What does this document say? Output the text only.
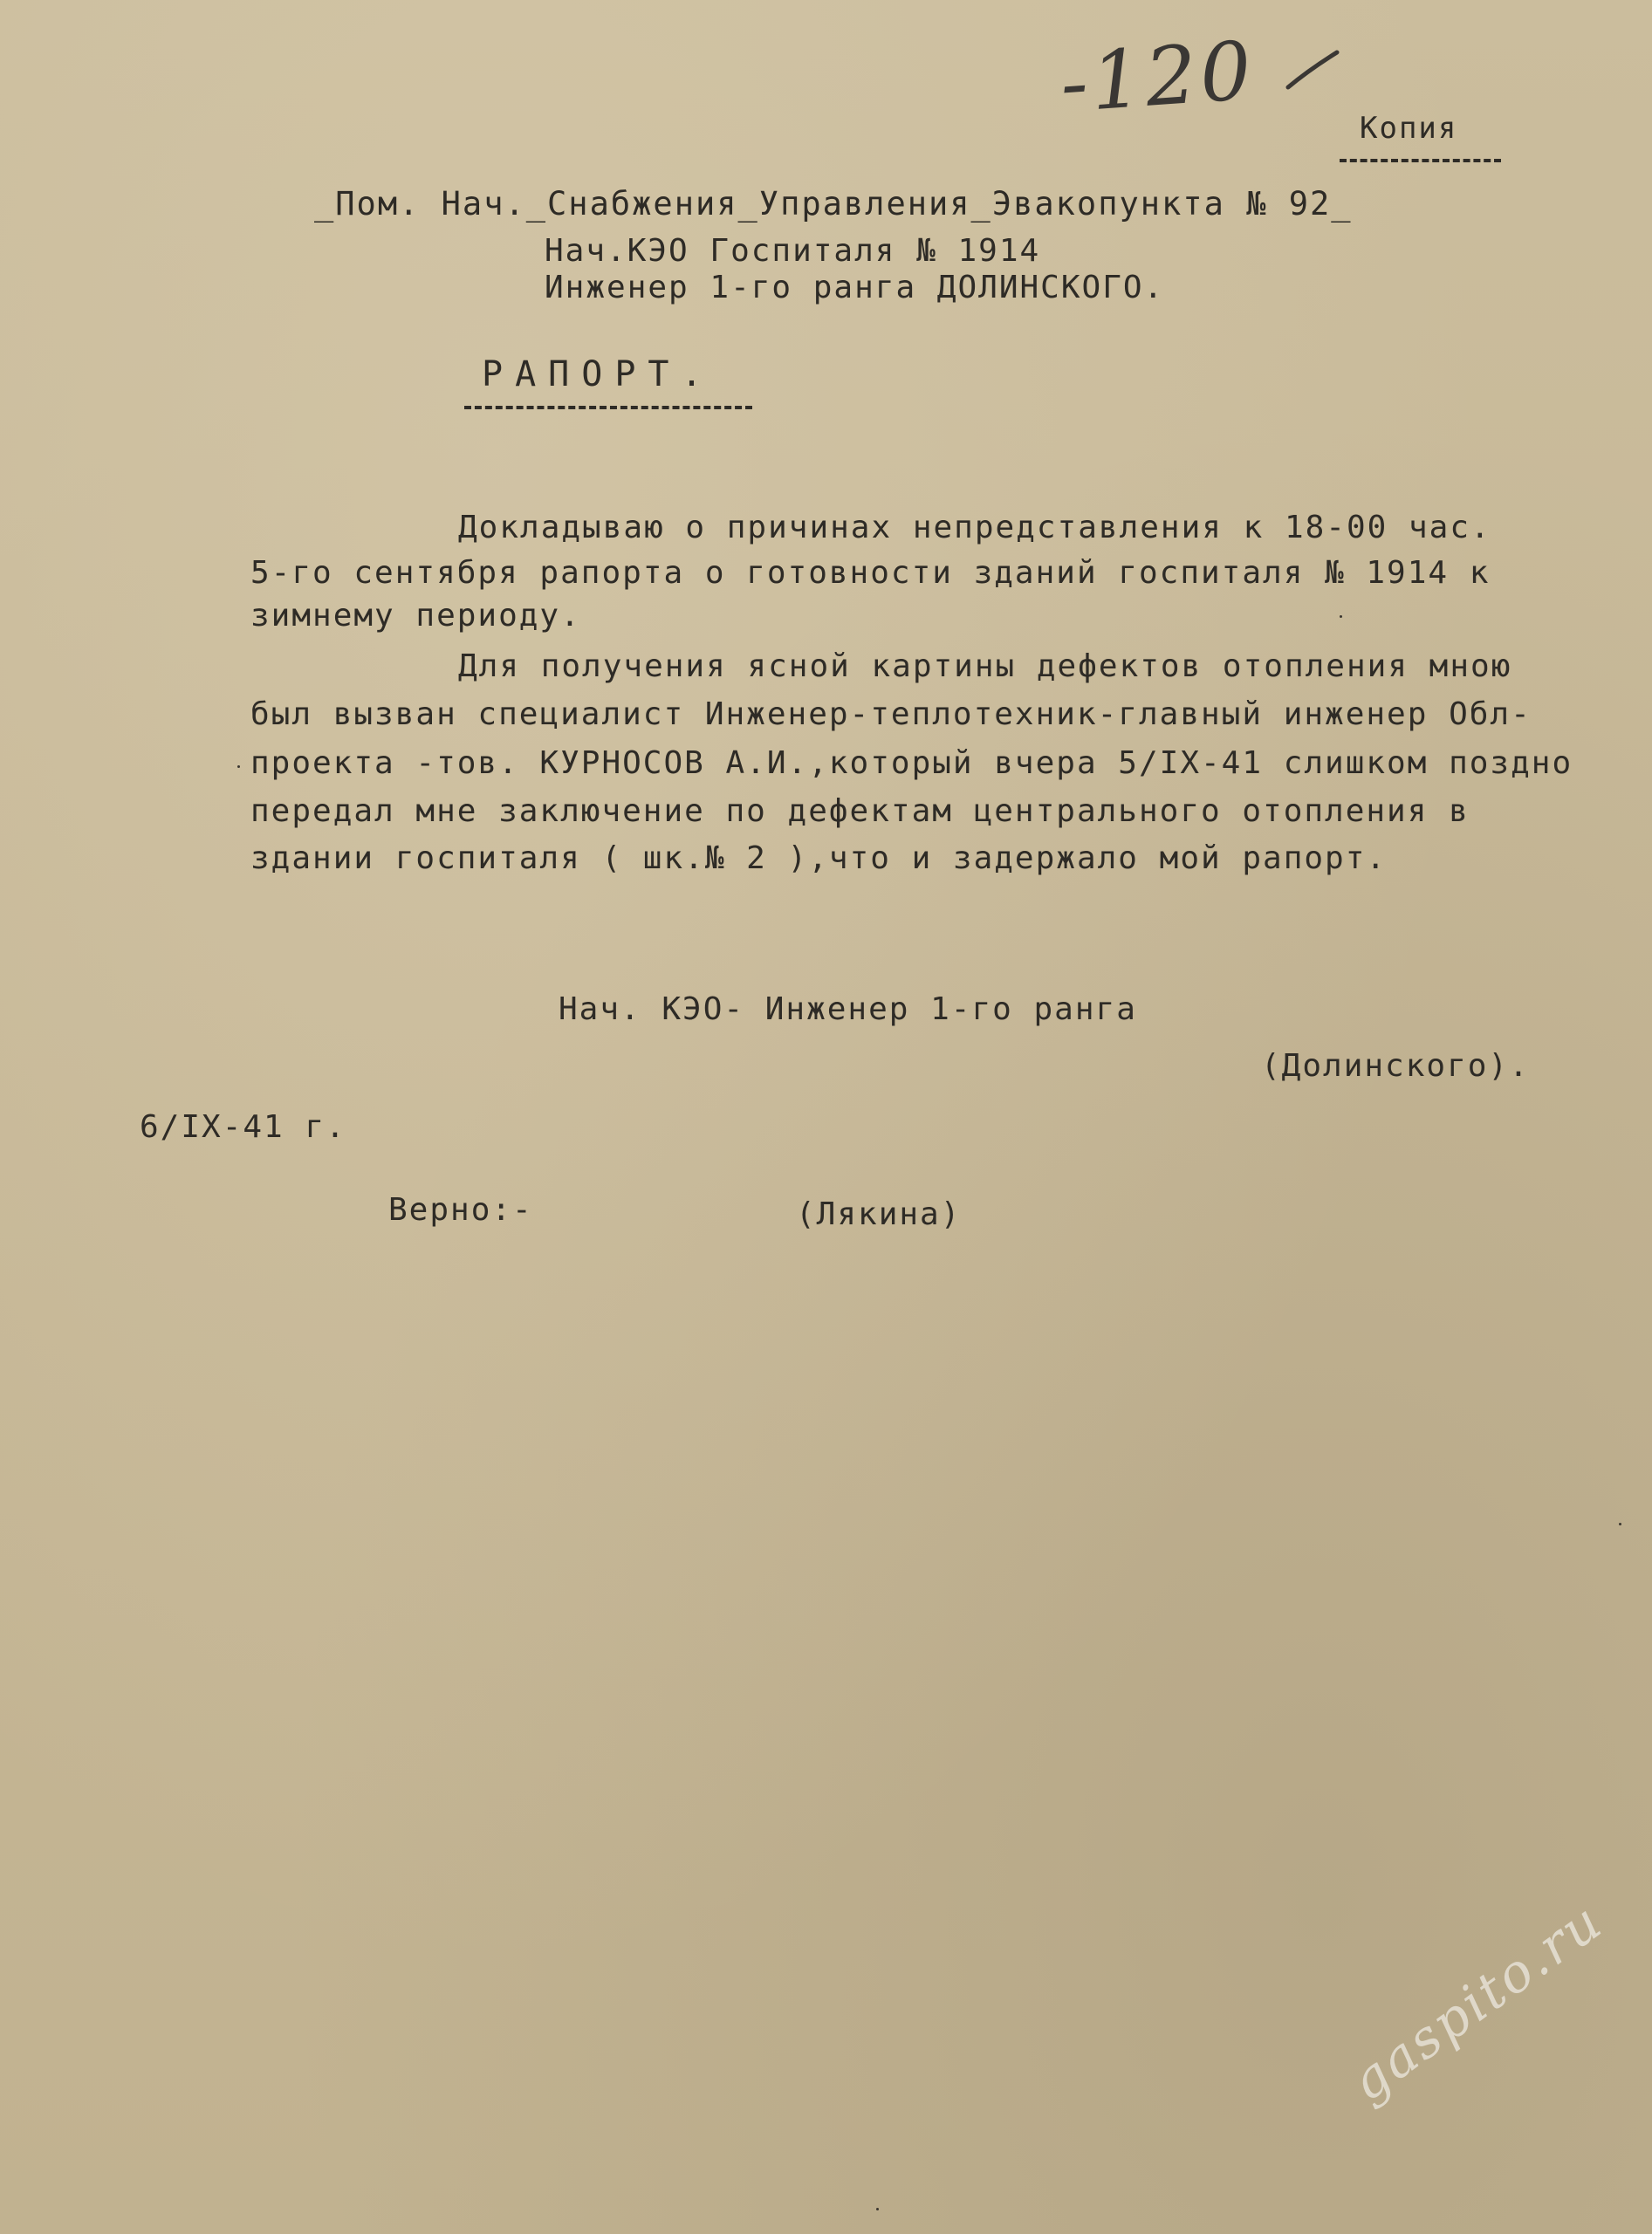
-120	Копия
_Пом. Нач._Снабжения_Управления_Эвакопункта № 92_
Нач.КЭО Госпиталя № 1914
Инженер 1-го ранга ДОЛИНСКОГО.
РАПОРТ.
Докладываю о причинах непредставления к 18-00 час.
5-го сентября рапорта о готовности зданий госпиталя № 1914 к
зимнему периоду.
Для получения ясной картины дефектов отопления мною
был вызван специалист Инженер-теплотехник-главный инженер Обл-
проекта -тов. КУРНОСОВ А.И.,который вчера 5/IX-41 слишком поздно
передал мне заключение по дефектам центрального отопления в
здании госпиталя ( шк.№ 2 ),что и задержало мой рапорт.
Нач. КЭО- Инженер 1-го ранга
(Долинского).
6/IX-41 г.
Верно:-	(Лякина)
gaspito.ru
